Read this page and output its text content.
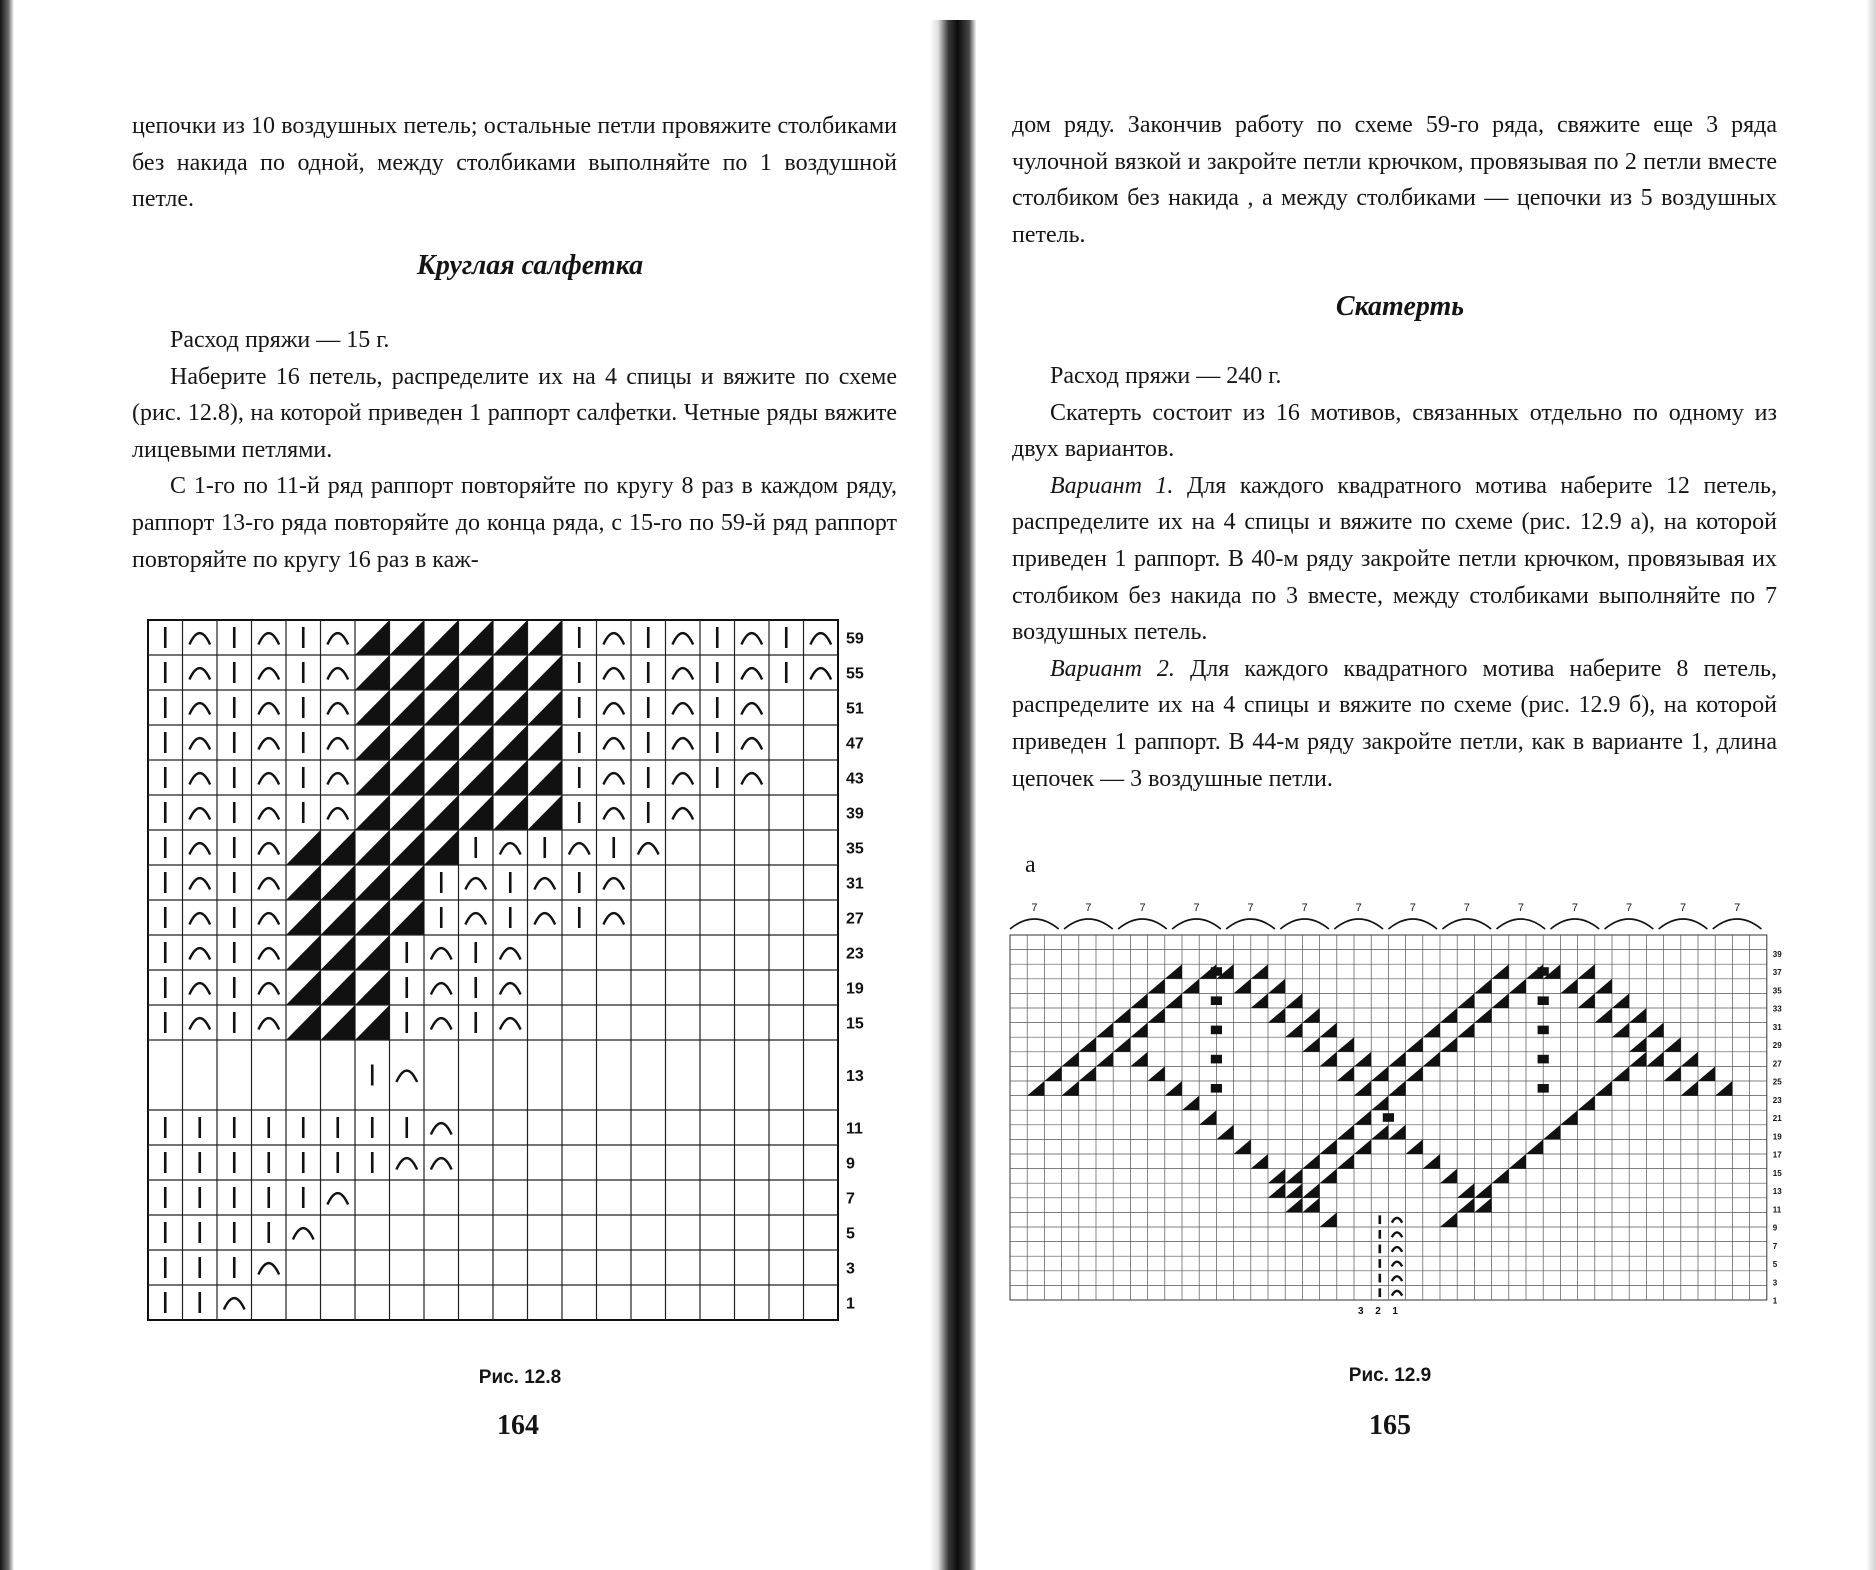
цепочки из 10 воздушных петель; остальные петли провяжите столбиками без накида по одной, между столбиками выполняйте по 1 воздушной петле.

Круглая салфетка

Расход пряжи — 15 г.

Наберите 16 петель, распределите их на 4 спицы и вяжите по схеме (рис. 12.8), на которой приведен 1 раппорт салфетки. Четные ряды вяжите лицевыми петлями.

С 1-го по 11-й ряд раппорт повторяйте по кругу 8 раз в каждом ряду, раппорт 13-го ряда повторяйте до конца ряда, с 15-го по 59-й ряд раппорт повторяйте по кругу 16 раз в каж-

59
55
51
47
43
39
35
31
27
23
19
15
13
11
9
7
5
3
1
Рис. 12.8
164

дом ряду. Закончив работу по схеме 59-го ряда, свяжите еще 3 ряда чулочной вязкой и закройте петли крючком, провязывая по 2 петли вместе столбиком без накида , а между столбиками — цепочки из 5 воздушных петель.

Скатерть

Расход пряжи — 240 г.

Скатерть состоит из 16 мотивов, связанных отдельно по одному из двух вариантов.

Вариант 1. Для каждого квадратного мотива наберите 12 петель, распределите их на 4 спицы и вяжите по схеме (рис. 12.9 а), на которой приведен 1 раппорт. В 40-м ряду закройте петли крючком, провязывая их столбиком без накида по 3 вместе, между столбиками выполняйте по 7 воздушных петель.

Вариант 2. Для каждого квадратного мотива наберите 8 петель, распределите их на 4 спицы и вяжите по схеме (рис. 12.9 б), на которой приведен 1 раппорт. В 44-м ряду закройте петли, как в варианте 1, длина цепочек — 3 воздушные петли.

а
7	7	7	7	7	7	7	7	7	7	7	7	7	7
39
37
35
33
31
29
27
25
23
21
19
17
15
13
11
9
7
5
3
1
3 2 1
Рис. 12.9
165
